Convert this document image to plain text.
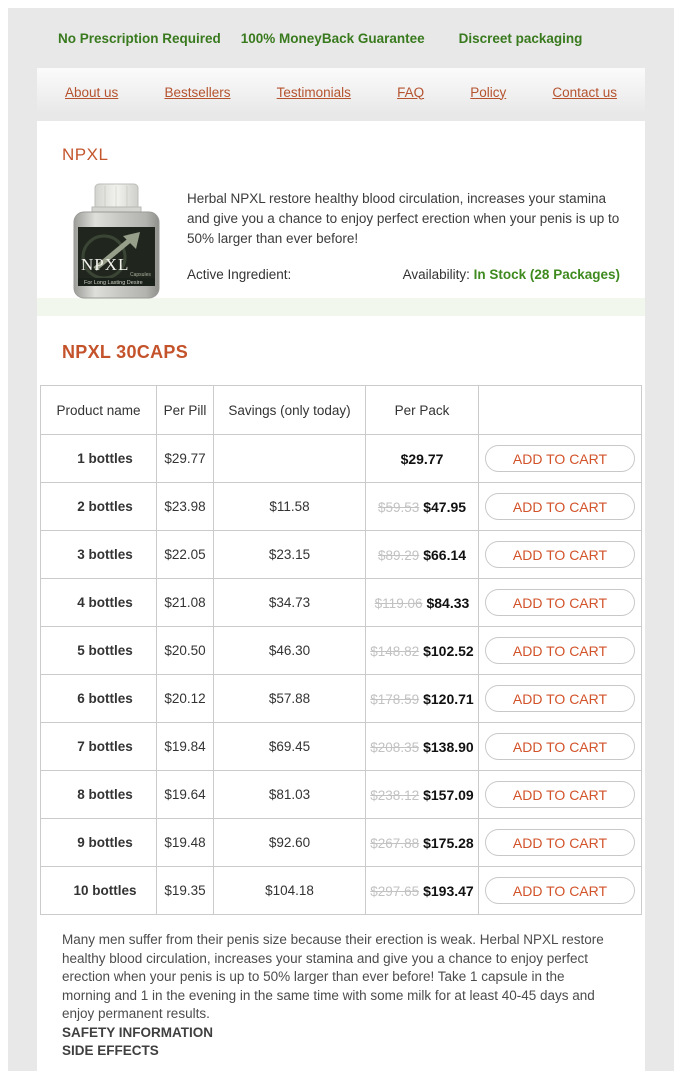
No Prescription Required 100% MoneyBack Guarantee	Discreet packaging
About us	Bestsellers	Testimonials	FAQ	Policy	Contact us
NPXL
NPXL
Capsules
For Long Lasting Desire
Herbal NPXL restore healthy blood circulation, increases your stamina and give you a chance to enjoy perfect erection when your penis is up to 50% larger than ever before!
Active Ingredient:	Availability: In Stock (28 Packages)
NPXL 30CAPS
Product name	Per Pill	Savings (only today)	Per Pack	
1 bottles	$29.77		$29.77	ADD TO CART
2 bottles	$23.98	$11.58	$59.53 $47.95	ADD TO CART
3 bottles	$22.05	$23.15	$89.29 $66.14	ADD TO CART
4 bottles	$21.08	$34.73	$119.06 $84.33	ADD TO CART
5 bottles	$20.50	$46.30	$148.82 $102.52	ADD TO CART
6 bottles	$20.12	$57.88	$178.59 $120.71	ADD TO CART
7 bottles	$19.84	$69.45	$208.35 $138.90	ADD TO CART
8 bottles	$19.64	$81.03	$238.12 $157.09	ADD TO CART
9 bottles	$19.48	$92.60	$267.88 $175.28	ADD TO CART
10 bottles	$19.35	$104.18	$297.65 $193.47	ADD TO CART

Many men suffer from their penis size because their erection is weak. Herbal NPXL restore healthy blood circulation, increases your stamina and give you a chance to enjoy perfect erection when your penis is up to 50% larger than ever before! Take 1 capsule in the morning and 1 in the evening in the same time with some milk for at least 40-45 days and enjoy permanent results.

SAFETY INFORMATION
SIDE EFFECTS
